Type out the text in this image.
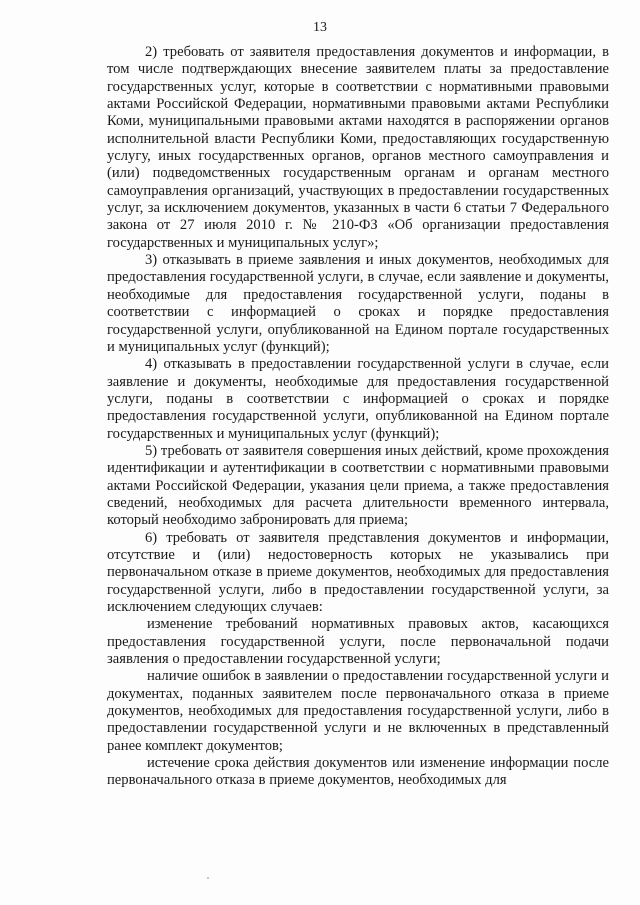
13

2) требовать от заявителя предоставления документов и информации, в том числе подтверждающих внесение заявителем платы за предоставление государственных услуг, которые в соответствии с нормативными правовыми актами Российской Федерации, нормативными правовыми актами Республики Коми, муниципальными правовыми актами находятся в распоряжении органов исполнительной власти Республики Коми, предоставляющих государственную услугу, иных государственных органов, органов местного самоуправления и (или) подведомственных государственным органам и органам местного самоуправления организаций, участвующих в предоставлении государственных услуг, за исключением документов, указанных в части 6 статьи 7 Федерального закона от 27 июля 2010 г. № 210-ФЗ «Об организации предоставления государственных и муниципальных услуг»;

3) отказывать в приеме заявления и иных документов, необходимых для предоставления государственной услуги, в случае, если заявление и документы, необходимые для предоставления государственной услуги, поданы в соответствии с информацией о сроках и порядке предоставления государственной услуги, опубликованной на Едином портале государственных и муниципальных услуг (функций);

4) отказывать в предоставлении государственной услуги в случае, если заявление и документы, необходимые для предоставления государственной услуги, поданы в соответствии с информацией о сроках и порядке предоставления государственной услуги, опубликованной на Едином портале государственных и муниципальных услуг (функций);

5) требовать от заявителя совершения иных действий, кроме прохождения идентификации и аутентификации в соответствии с нормативными правовыми актами Российской Федерации, указания цели приема, а также предоставления сведений, необходимых для расчета длительности временного интервала, который необходимо забронировать для приема;

6) требовать от заявителя представления документов и информации, отсутствие и (или) недостоверность которых не указывались при первоначальном отказе в приеме документов, необходимых для предоставления государственной услуги, либо в предоставлении государственной услуги, за исключением следующих случаев:

изменение требований нормативных правовых актов, касающихся предоставления государственной услуги, после первоначальной подачи заявления о предоставлении государственной услуги;

наличие ошибок в заявлении о предоставлении государственной услуги и документах, поданных заявителем после первоначального отказа в приеме документов, необходимых для предоставления государственной услуги, либо в предоставлении государственной услуги и не включенных в представленный ранее комплект документов;

истечение срока действия документов или изменение информации после первоначального отказа в приеме документов, необходимых для
